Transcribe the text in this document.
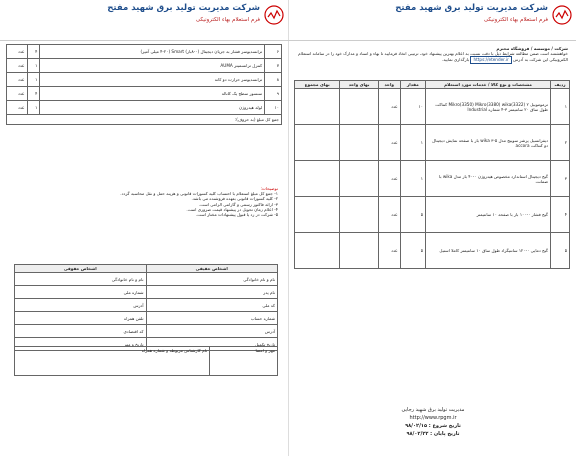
شرکت مدیریت تولید برق شهید مفتح
فرم استعلام بهاء الکترونیکی
۶	ترانسدیوسر فشار به جریان دیجیتال (۰-۸بار) Smart (۴-۲۰ میلی آمپر)	۴	عدد
۷	کنترل ترانسمیتر AUMA	۱	عدد
۸	ترانسدیوسر حرارت دو کانه	۱	عدد
۹	سنسور سطح یک کاناله	۴	عدد
۱۰	لوله هیدروژن	۱	عدد
جمع کل مبلغ (به حروف):			
توضیحات:
۱- جمع کل مبلغ استعلام با احتساب کلیه کسورات قانونی و هزینه حمل و نقل محاسبه گردد.
۲- کلیه کسورات قانونی بعهده فروشنده می باشد.
۳- ارائه فاکتور رسمی و گارانتی الزامی است.
۴- اعلام زمان تحویل در پیشنهاد قیمت ضروری است.
۵- شرکت در رد یا قبول پیشنهادات مختار است.
اشخاص حقیقی	اشخاص حقوقی
نام و نام خانوادگی	نام و نام خانوادگی
نام پدر	شماره ملی
کد ملی	آدرس
شماره حساب	تلفن همراه
آدرس	کد اقتصادی
تاریخ تکمیل	تاریخ و مهر
مهر و امضا	نام کارشناس مربوطه و شماره همراه
شرکت مدیریت تولید برق شهید مفتح
فرم استعلام بهاء الکترونیکی
شرکت / موسسه / فروشگاه محترم
خواهشمند است ضمن مطالعه شرایط ذیل با دقت نسبت به اعلام بهترین پیشنهاد خود، ترتیبی اتخاذ فرمایید تا بهاء و اسناد و مدارک خود را در سامانه استعلام
الکترونیکی این شرکت به آدرس https://etender.ir بارگذاری نمایید.
ردیف	مشخصات و نوع کالا / خدمات مورد استعلام	مقدار	واحد	بهای واحد	بهای مجموع
۱	ترموموبیل Mikro(3350) Mikro(3380) wika(3322) ۲ کنتاکت طول ساق ۲۰ سانتیمتر ۳-۴ شماره Industrial	۱۰	عدد		
۲	دیفرانسیل پرشر سوییچ مدل wika ۳-۵ بار با صفحه نمایش دیجیتال دو کنتاکت accora	۱	عدد		
۳	گیج دیجیتال استاندارد مخصوص هیدروژن ۰-۴۰ بار مدل wika با ضمانت	۱	عدد		
۴	گیج فشار ۰-۱۰۰ بار با صفحه ۱۰ سانتیمتر	۵	عدد		
۵	گیج دمایی ۰-۱۲۰ سانتیگراد طول ساق ۱۰ سانتیمتر کاملا استیل	۵	عدد		
مدیریت تولید برق شهید رجایی
http://www.rpgm.ir
تاریخ شروع : ۹۸/۰۲/۱۵
تاریخ پایان : ۹۸/۰۲/۲۲
